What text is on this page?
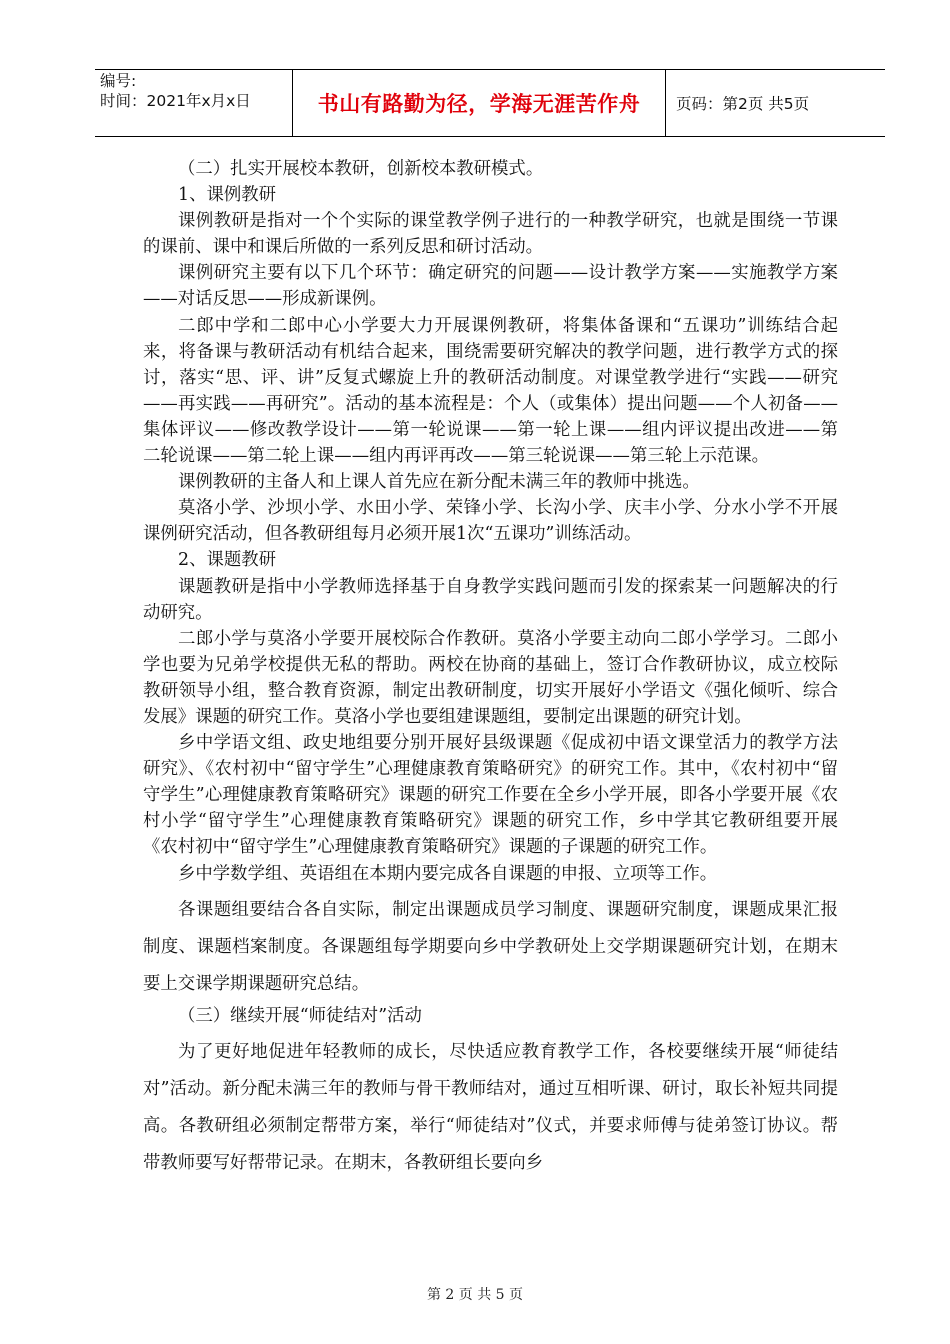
编号:
时间：2021年x月x日	书山有路勤为径，学海无涯苦作舟	页码：第2页 共5页

（二）扎实开展校本教研，创新校本教研模式。

1、课例教研

课例教研是指对一个个实际的课堂教学例子进行的一种教学研究，也就是围绕一节课的课前、课中和课后所做的一系列反思和研讨活动。

课例研究主要有以下几个环节：确定研究的问题——设计教学方案——实施教学方案——对话反思——形成新课例。

二郎中学和二郎中心小学要大力开展课例教研，将集体备课和“五课功”训练结合起来，将备课与教研活动有机结合起来，围绕需要研究解决的教学问题，进行教学方式的探讨，落实“思、评、讲”反复式螺旋上升的教研活动制度。对课堂教学进行“实践——研究——再实践——再研究”。活动的基本流程是：个人（或集体）提出问题——个人初备——集体评议——修改教学设计——第一轮说课——第一轮上课——组内评议提出改进——第二轮说课——第二轮上课——组内再评再改——第三轮说课——第三轮上示范课。

课例教研的主备人和上课人首先应在新分配未满三年的教师中挑选。

莫洛小学、沙坝小学、水田小学、荣锋小学、长沟小学、庆丰小学、分水小学不开展课例研究活动，但各教研组每月必须开展1次“五课功”训练活动。

2、课题教研

课题教研是指中小学教师选择基于自身教学实践问题而引发的探索某一问题解决的行动研究。

二郎小学与莫洛小学要开展校际合作教研。莫洛小学要主动向二郎小学学习。二郎小学也要为兄弟学校提供无私的帮助。两校在协商的基础上，签订合作教研协议，成立校际教研领导小组，整合教育资源，制定出教研制度，切实开展好小学语文《强化倾听、综合发展》课题的研究工作。莫洛小学也要组建课题组，要制定出课题的研究计划。

乡中学语文组、政史地组要分别开展好县级课题《促成初中语文课堂活力的教学方法研究》、《农村初中“留守学生”心理健康教育策略研究》的研究工作。其中，《农村初中“留守学生”心理健康教育策略研究》课题的研究工作要在全乡小学开展，即各小学要开展《农村小学“留守学生”心理健康教育策略研究》课题的研究工作，乡中学其它教研组要开展《农村初中“留守学生”心理健康教育策略研究》课题的子课题的研究工作。

乡中学数学组、英语组在本期内要完成各自课题的申报、立项等工作。

各课题组要结合各自实际，制定出课题成员学习制度、课题研究制度，课题成果汇报制度、课题档案制度。各课题组每学期要向乡中学教研处上交学期课题研究计划，在期末要上交课学期课题研究总结。

（三）继续开展“师徒结对”活动

为了更好地促进年轻教师的成长，尽快适应教育教学工作，各校要继续开展“师徒结对”活动。新分配未满三年的教师与骨干教师结对，通过互相听课、研讨，取长补短共同提高。各教研组必须制定帮带方案，举行“师徒结对”仪式，并要求师傅与徒弟签订协议。帮带教师要写好帮带记录。在期末，各教研组长要向乡

第 2 页 共 5 页
